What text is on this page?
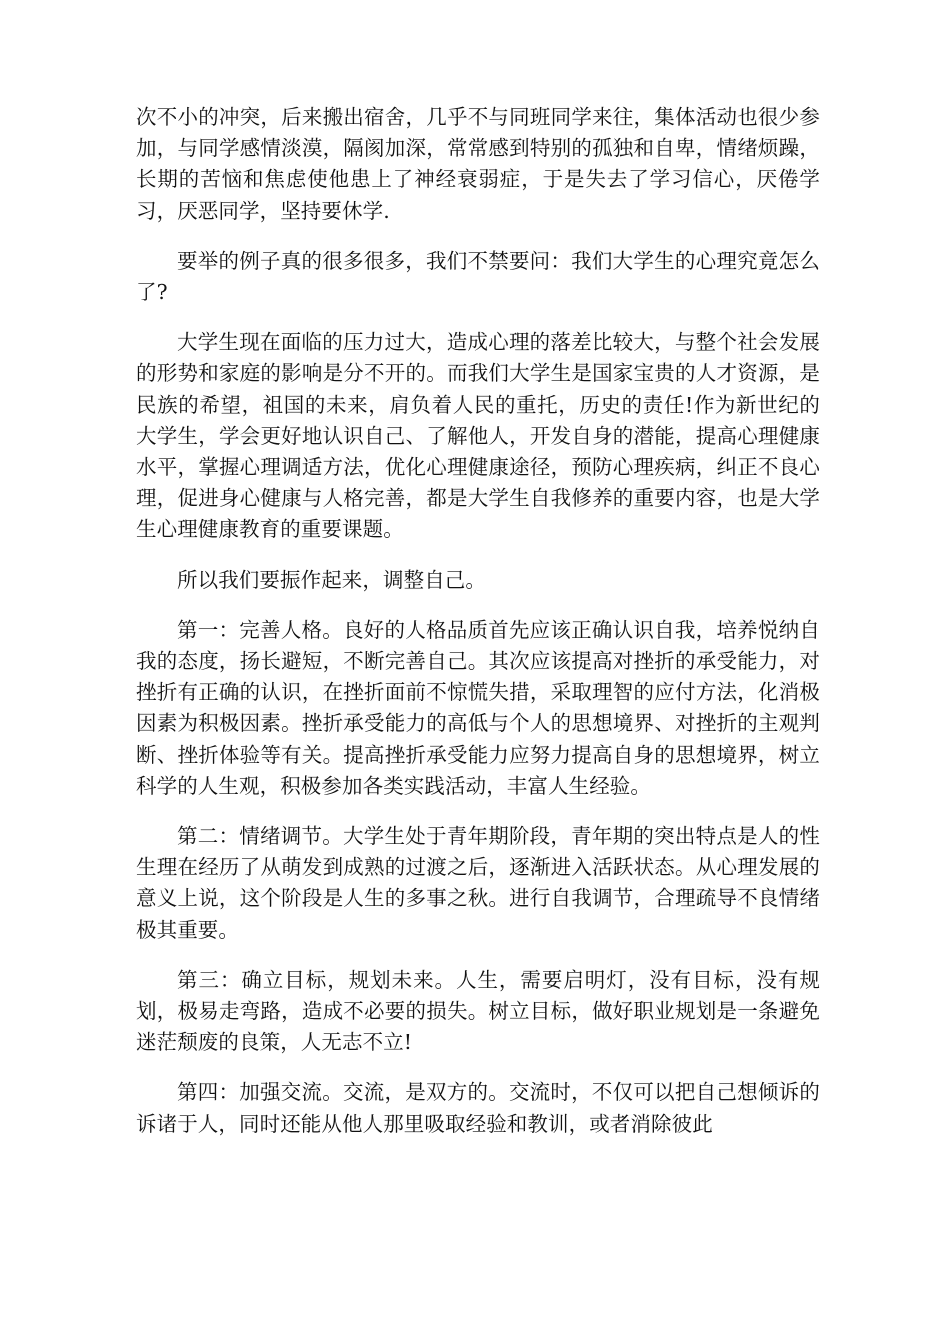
次不小的冲突，后来搬出宿舍，几乎不与同班同学来往，集体活动也很少参加，与同学感情淡漠，隔阂加深，常常感到特别的孤独和自卑，情绪烦躁，长期的苦恼和焦虑使他患上了神经衰弱症，于是失去了学习信心，厌倦学习，厌恶同学，坚持要休学.

要举的例子真的很多很多，我们不禁要问：我们大学生的心理究竟怎么了?

大学生现在面临的压力过大，造成心理的落差比较大，与整个社会发展的形势和家庭的影响是分不开的。而我们大学生是国家宝贵的人才资源，是民族的希望，祖国的未来，肩负着人民的重托，历史的责任!作为新世纪的大学生，学会更好地认识自己、了解他人，开发自身的潜能，提高心理健康水平，掌握心理调适方法，优化心理健康途径，预防心理疾病，纠正不良心理，促进身心健康与人格完善，都是大学生自我修养的重要内容，也是大学生心理健康教育的重要课题。

所以我们要振作起来，调整自己。

第一：完善人格。良好的人格品质首先应该正确认识自我，培养悦纳自我的态度，扬长避短，不断完善自己。其次应该提高对挫折的承受能力，对挫折有正确的认识，在挫折面前不惊慌失措，采取理智的应付方法，化消极因素为积极因素。挫折承受能力的高低与个人的思想境界、对挫折的主观判断、挫折体验等有关。提高挫折承受能力应努力提高自身的思想境界，树立科学的人生观，积极参加各类实践活动，丰富人生经验。

第二：情绪调节。大学生处于青年期阶段，青年期的突出特点是人的性生理在经历了从萌发到成熟的过渡之后，逐渐进入活跃状态。从心理发展的意义上说，这个阶段是人生的多事之秋。进行自我调节，合理疏导不良情绪极其重要。

第三：确立目标，规划未来。人生，需要启明灯，没有目标，没有规划，极易走弯路，造成不必要的损失。树立目标，做好职业规划是一条避免迷茫颓废的良策，人无志不立!

第四：加强交流。交流，是双方的。交流时，不仅可以把自己想倾诉的诉诸于人，同时还能从他人那里吸取经验和教训，或者消除彼此
